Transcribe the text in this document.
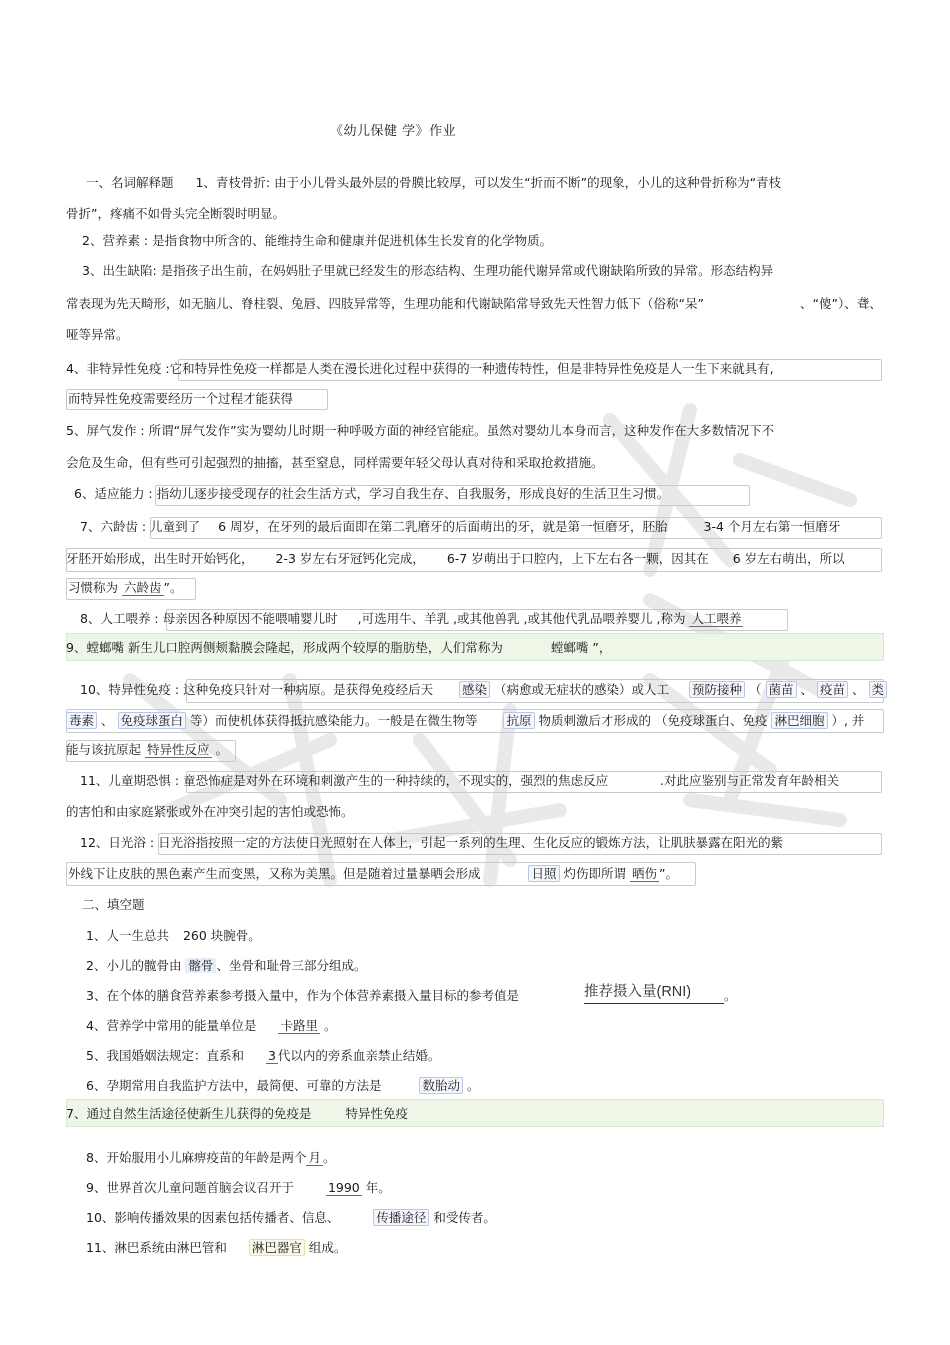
《幼儿保健 学》作业
一、名词解释题 1、青枝骨折: 由于小儿骨头最外层的骨膜比较厚，可以发生“折而不断”的现象，小儿的这种骨折称为“青枝
骨折”，疼痛不如骨头完全断裂时明显。
2、营养素 : 是指食物中所含的、能维持生命和健康并促进机体生长发育的化学物质。
3、出生缺陷: 是指孩子出生前，在妈妈肚子里就已经发生的形态结构、生理功能代谢异常或代谢缺陷所致的异常。形态结构异
常表现为先天畸形，如无脑儿、脊柱裂、兔唇、四肢异常等，生理功能和代谢缺陷常导致先天性智力低下（俗称“呆”	、“傻”）、聋、
哑等异常。
4、非特异性免疫 :它和特异性免疫一样都是人类在漫长进化过程中获得的一种遗传特性，但是非特异性免疫是人一生下来就具有,
而特异性免疫需要经历一个过程才能获得
5、屏气发作 : 所谓“屏气发作”实为婴幼儿时期一种呼吸方面的神经官能症。虽然对婴幼儿本身而言，这种发作在大多数情况下不
会危及生命，但有些可引起强烈的抽搐，甚至窒息，同样需要年轻父母认真对待和采取抢救措施。
6、适应能力 : 指幼儿逐步接受现存的社会生活方式，学习自我生存、自我服务，形成良好的生活卫生习惯。
7、六龄齿 : 儿童到了 6 周岁，在牙列的最后面即在第二乳磨牙的后面萌出的牙，就是第一恒磨牙，胚胎	3-4 个月左右第一恒磨牙
牙胚开始形成，出生时开始钙化， 2-3 岁左右牙冠钙化完成， 6-7 岁萌出于口腔内，上下左右各一颗，因其在 6 岁左右萌出，所以
习惯称为 六龄齿 ”。
8、人工喂养 : 母亲因各种原因不能喂哺婴儿时 ,可选用牛、羊乳 ,或其他兽乳 ,或其他代乳品喂养婴儿 ,称为 人工喂养
9、螳螂嘴 新生儿口腔两侧颊黏膜会隆起，形成两个较厚的脂肪垫，人们常称为	螳螂嘴 ”，
10、特异性免疫 : 这种免疫只针对一种病原。是获得免疫经后天 感染 （病愈或无症状的感染）或人工 预防接种 （ 菌苗 、 疫苗 、 类
毒素 、 免疫球蛋白 等）而使机体获得抵抗感染能力。一般是在微生物等 抗原 物质刺激后才形成的 （免疫球蛋白、免疫 淋巴细胞 ）, 并
能与该抗原起 特异性反应 。
11、儿童期恐惧 : 童恐怖症是对外在环境和刺激产生的一种持续的，不现实的，强烈的焦虑反应	.对此应鉴别与正常发育年龄相关
的害怕和由家庭紧张或外在冲突引起的害怕或恐怖。
12、日光浴 : 日光浴指按照一定的方法使日光照射在人体上，引起一系列的生理、生化反应的锻炼方法，让肌肤暴露在阳光的紫
外线下让皮肤的黑色素产生而变黑，又称为美黑。但是随着过量暴晒会形成	日照 灼伤即所谓 晒伤 ”。
二、填空题
1、人一生总共 260 块腕骨。
2、小儿的髋骨由 髂骨 、坐骨和耻骨三部分组成。
3、在个体的膳食营养素参考摄入量中，作为个体营养素摄入量目标的参考值是	推荐摄入量(RNI)	。
4、营养学中常用的能量单位是 卡路里 。
5、我国婚姻法规定：直系和 3 代以内的旁系血亲禁止结婚。
6、孕期常用自我监护方法中，最简便、可靠的方法是	数胎动 。
7、通过自然生活途径使新生儿获得的免疫是	特异性免疫
8、开始服用小儿麻痹疫苗的年龄是两个 月 。
9、世界首次儿童问题首脑会议召开于	1990 年。
10、影响传播效果的因素包括传播者、信息、	传播途径 和受传者。
11、淋巴系统由淋巴管和 淋巴器官 组成。
